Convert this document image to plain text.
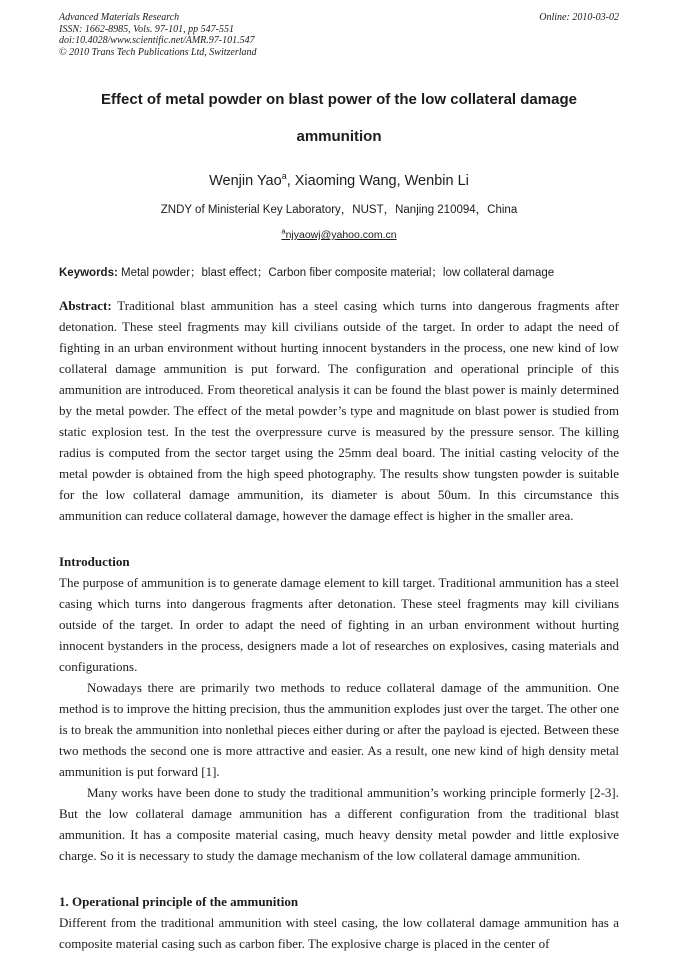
Advanced Materials Research
ISSN: 1662-8985, Vols. 97-101, pp 547-551
doi:10.4028/www.scientific.net/AMR.97-101.547
© 2010 Trans Tech Publications Ltd, Switzerland
Online: 2010-03-02
Effect of metal powder on blast power of the low collateral damage
ammunition
Wenjin Yao$^a$, Xiaoming Wang, Wenbin Li
ZNDY of Ministerial Key Laboratory，NUST，Nanjing 210094，China
$^a$njyaowj@yahoo.com.cn
Keywords: Metal powder；blast effect；Carbon fiber composite material；low collateral damage

Abstract: Traditional blast ammunition has a steel casing which turns into dangerous fragments after detonation. These steel fragments may kill civilians outside of the target. In order to adapt the need of fighting in an urban environment without hurting innocent bystanders in the process, one new kind of low collateral damage ammunition is put forward. The configuration and operational principle of this ammunition are introduced. From theoretical analysis it can be found the blast power is mainly determined by the metal powder. The effect of the metal powder’s type and magnitude on blast power is studied from static explosion test. In the test the overpressure curve is measured by the pressure sensor. The killing radius is computed from the sector target using the 25mm deal board. The initial casting velocity of the metal powder is obtained from the high speed photography. The results show tungsten powder is suitable for the low collateral damage ammunition, its diameter is about 50um. In this circumstance this ammunition can reduce collateral damage, however the damage effect is higher in the smaller area.

Introduction

The purpose of ammunition is to generate damage element to kill target. Traditional ammunition has a steel casing which turns into dangerous fragments after detonation. These steel fragments may kill civilians outside of the target. In order to adapt the need of fighting in an urban environment without hurting innocent bystanders in the process, designers made a lot of researches on explosives, casing materials and configurations.

Nowadays there are primarily two methods to reduce collateral damage of the ammunition. One method is to improve the hitting precision, thus the ammunition explodes just over the target. The other one is to break the ammunition into nonlethal pieces either during or after the payload is ejected. Between these two methods the second one is more attractive and easier. As a result, one new kind of high density metal ammunition is put forward [1].

Many works have been done to study the traditional ammunition’s working principle formerly [2-3]. But the low collateral damage ammunition has a different configuration from the traditional blast ammunition. It has a composite material casing, much heavy density metal powder and little explosive charge. So it is necessary to study the damage mechanism of the low collateral damage ammunition.

1. Operational principle of the ammunition

Different from the traditional ammunition with steel casing, the low collateral damage ammunition has a composite material casing such as carbon fiber. The explosive charge is placed in the center of
